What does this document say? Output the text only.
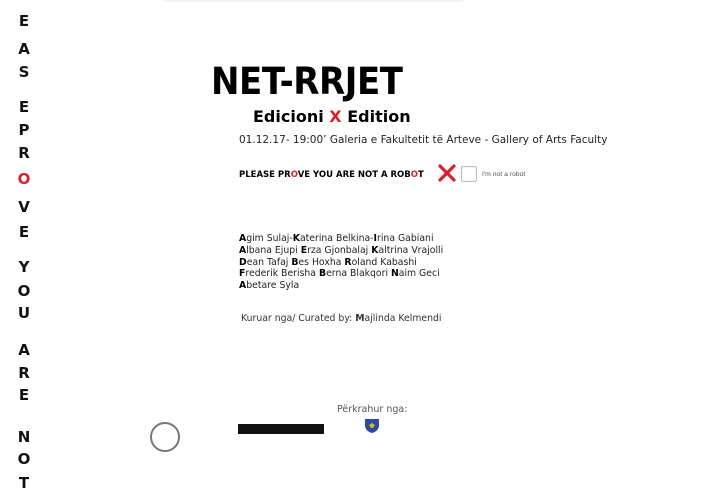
E
A
S
E
P
R
O
V
E
Y
O
U
A
R
E
N
O
T
NET-RRJET
Edicioni X Edition
01.12.17- 19:00’ Galeria e Fakultetit të Arteve - Gallery of Arts Faculty
PLEASE PROVE YOU ARE NOT A ROBOT	I'm not a robot
Agim Sulaj-Katerina Belkina-Irina Gabiani
Albana Ejupi Erza Gjonbalaj Kaltrina Vrajolli
Dean Tafaj Bes Hoxha Roland Kabashi
Frederik Berisha Berna Blakqori Naim Geci
Abetare Syla
Kuruar nga/ Curated by: Majlinda Kelmendi
Përkrahur nga:
